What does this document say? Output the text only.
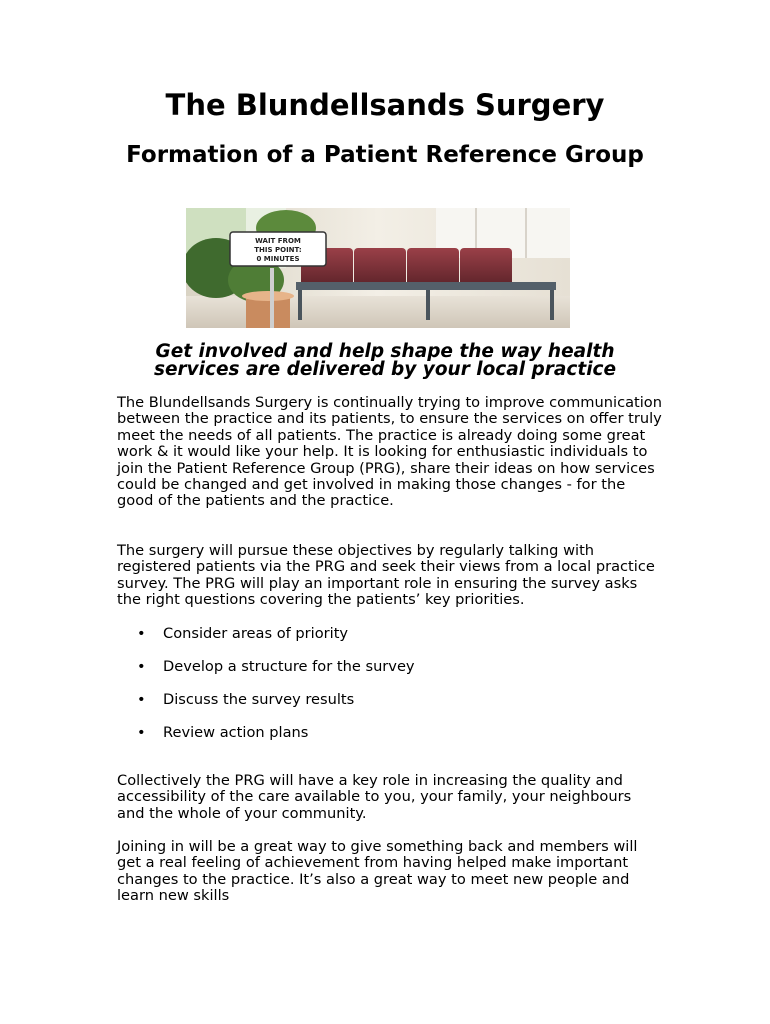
The Blundellsands Surgery
Formation of a Patient Reference Group
WAIT FROM
THIS POINT:
0 MINUTES

Get involved and help shape the way health services are delivered by your local practice

The Blundellsands Surgery is continually trying to improve communication between the practice and its patients, to ensure the services on offer truly meet the needs of all patients. The practice is already doing some great work & it would like your help. It is looking for enthusiastic individuals to join the Patient Reference Group (PRG), share their ideas on how services could be changed and get involved in making those changes - for the good of the patients and the practice.

The surgery will pursue these objectives by regularly talking with registered patients via the PRG and seek their views from a local practice survey. The PRG will play an important role in ensuring the survey asks the right questions covering the patients’ key priorities.

• Consider areas of priority
• Develop a structure for the survey
• Discuss the survey results
• Review action plans

Collectively the PRG will have a key role in increasing the quality and accessibility of the care available to you, your family, your neighbours and the whole of your community.

Joining in will be a great way to give something back and members will get a real feeling of achievement from having helped make important changes to the practice. It’s also a great way to meet new people and learn new skills
